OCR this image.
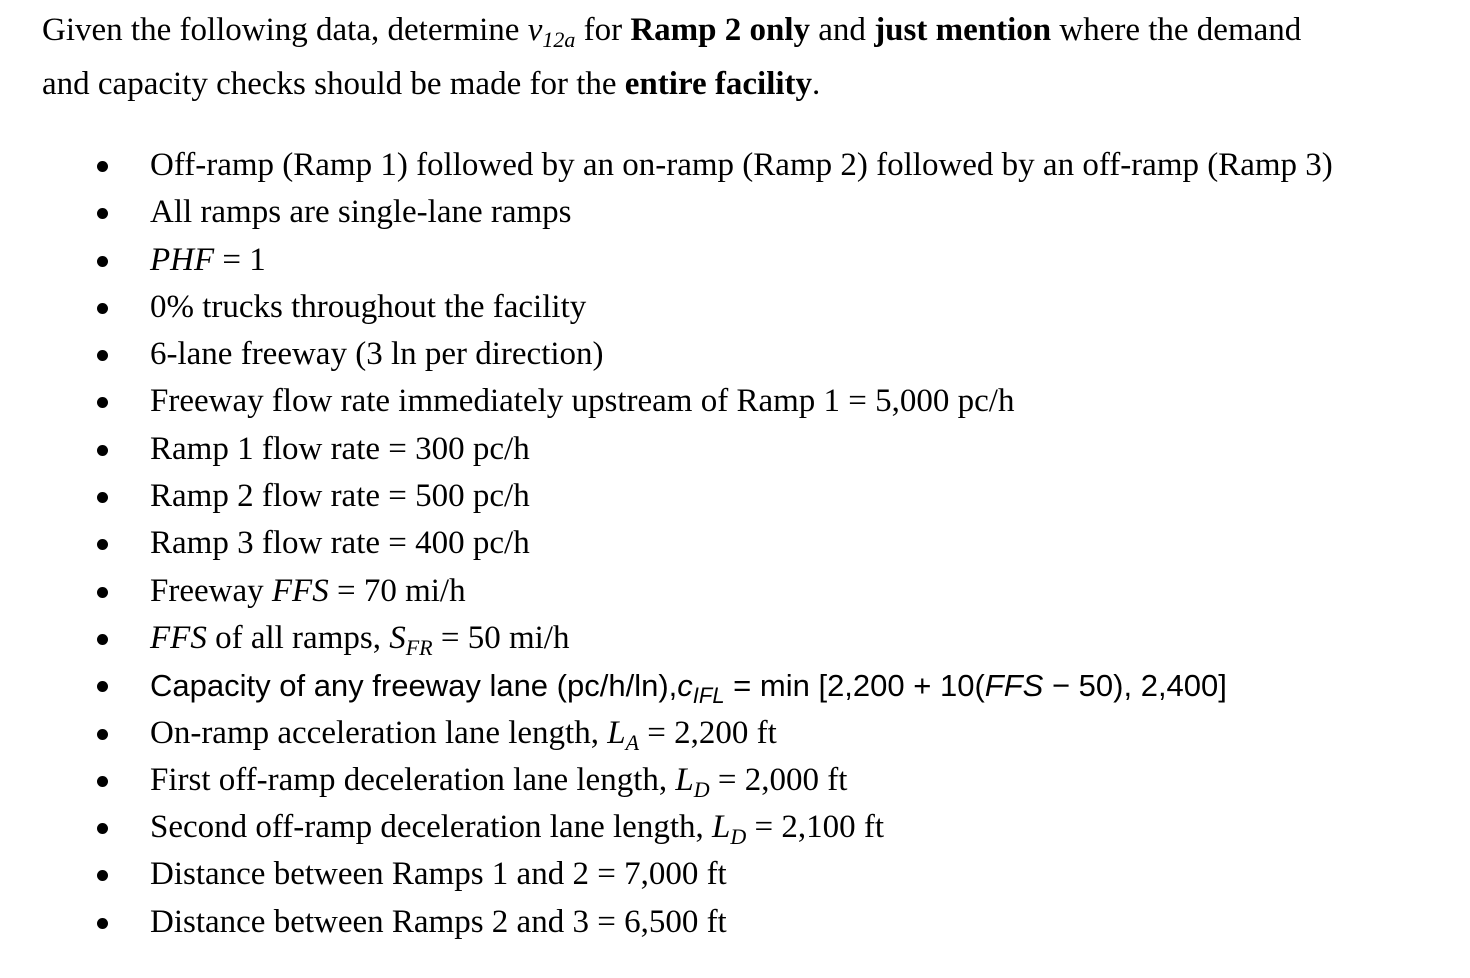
Given the following data, determine $v_{12a}$ for Ramp 2 only and just mention where the demand
and capacity checks should be made for the entire facility.
Off-ramp (Ramp 1) followed by an on-ramp (Ramp 2) followed by an off-ramp (Ramp 3)
All ramps are single-lane ramps
PHF = 1
0% trucks throughout the facility
6-lane freeway (3 ln per direction)
Freeway flow rate immediately upstream of Ramp 1 = 5,000 pc/h
Ramp 1 flow rate = 300 pc/h
Ramp 2 flow rate = 500 pc/h
Ramp 3 flow rate = 400 pc/h
Freeway FFS = 70 mi/h
FFS of all ramps, $S_{FR} = 50$ mi/h
Capacity of any freeway lane $(pc/h/\ln),c_{IFL} = \min [2,200 + 10(FFS - 50)$, 2,400]
On-ramp acceleration lane length, $L_A = 2,200$ ft
First off-ramp deceleration lane length, $L_D = 2,000$ ft
Second off-ramp deceleration lane length, $L_D = 2,100$ ft
Distance between Ramps 1 and 2 = 7,000 ft
Distance between Ramps 2 and 3 = 6,500 ft
